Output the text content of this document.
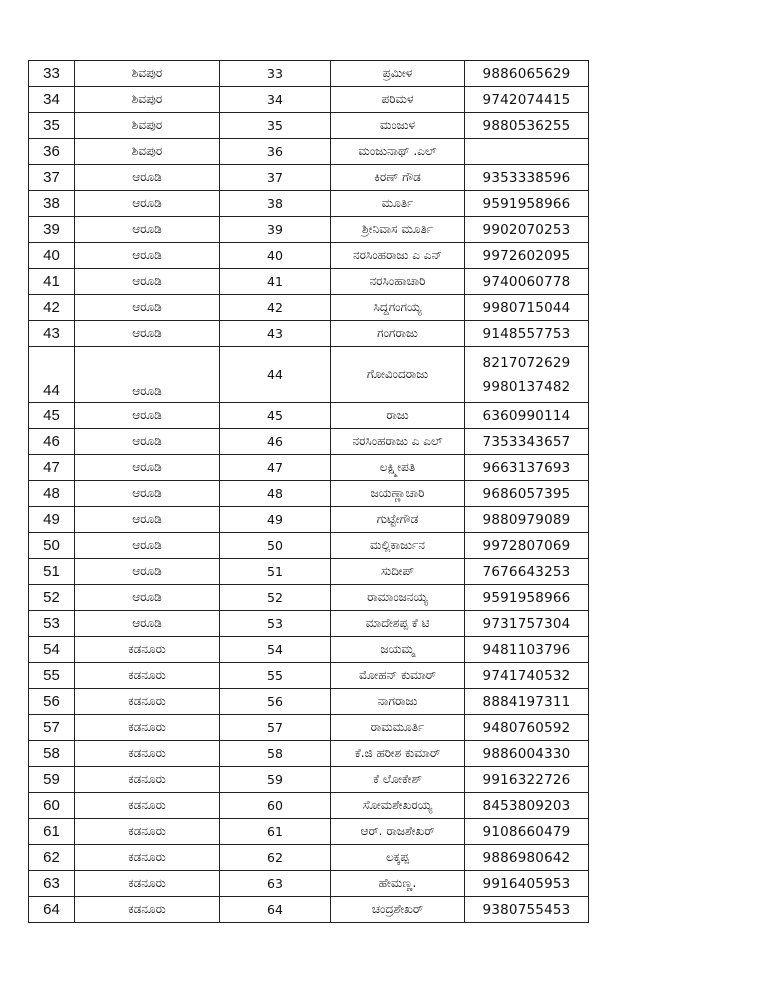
33	ಶಿವಪುರ	33	ಪ್ರಮೀಳ	9886065629

34	ಶಿವಪುರ	34	ಪರಿಮಳ	9742074415

35	ಶಿವಪುರ	35	ಮಂಜುಳ	9880536255

36	ಶಿವಪುರ	36	ಮಂಜುನಾಥ್ .ಎಲ್	
37	ಆರೂಡಿ	37	ಕಿರಣ್ ಗೌಡ	9353338596

38	ಆರೂಡಿ	38	ಮೂರ್ತಿ	9591958966

39	ಆರೂಡಿ	39	ಶ್ರೀನಿವಾಸ ಮೂರ್ತಿ	9902070253

40	ಆರೂಡಿ	40	ನರಸಿಂಹರಾಜು ಎ ಎನ್	9972602095

41	ಆರೂಡಿ	41	ನರಸಿಂಹಾಚಾರಿ	9740060778

42	ಆರೂಡಿ	42	ಸಿದ್ದಗಂಗಯ್ಯ	9980715044

43	ಆರೂಡಿ	43	ಗಂಗರಾಜು	9148557753

44	ಆರೂಡಿ	44	ಗೋವಿಂದರಾಜು	8217072629
9980137482

45	ಆರೂಡಿ	45	ರಾಜು	6360990114

46	ಆರೂಡಿ	46	ನರಸಿಂಹರಾಜು ಎ ಎಲ್	7353343657

47	ಆರೂಡಿ	47	ಲಕ್ಷ್ಮೀಪತಿ	9663137693

48	ಆರೂಡಿ	48	ಜಯಣ್ಣಾಚಾರಿ	9686057395

49	ಆರೂಡಿ	49	ಗುಟ್ಟೇಗೌಡ	9880979089

50	ಆರೂಡಿ	50	ಮಲ್ಲಿಕಾರ್ಜುನ	9972807069

51	ಆರೂಡಿ	51	ಸುದೀಪ್	7676643253

52	ಆರೂಡಿ	52	ರಾಮಾಂಜನಯ್ಯ	9591958966

53	ಆರೂಡಿ	53	ಮಾದೇಶಪ್ಪ ಕೆ ಟಿ	9731757304

54	ಕಡನೂರು	54	ಜಯಮ್ಮ	9481103796

55	ಕಡನೂರು	55	ಮೋಹನ್ ಕುಮಾರ್	9741740532

56	ಕಡನೂರು	56	ನಾಗರಾಜು	8884197311

57	ಕಡನೂರು	57	ರಾಮಮೂರ್ತಿ	9480760592

58	ಕಡನೂರು	58	ಕೆ.ಜಿ ಹರೀಶ ಕುಮಾರ್	9886004330

59	ಕಡನೂರು	59	ಕೆ ಲೋಕೇಶ್	9916322726

60	ಕಡನೂರು	60	ಸೋಮಶೇಖರಯ್ಯ	8453809203

61	ಕಡನೂರು	61	ಆರ್. ರಾಜಶೇಖರ್	9108660479

62	ಕಡನೂರು	62	ಲಕ್ಕಪ್ಪ	9886980642

63	ಕಡನೂರು	63	ಹೇಮಣ್ಣ.	9916405953

64	ಕಡನೂರು	64	ಚಂದ್ರಶೇಖರ್	9380755453
